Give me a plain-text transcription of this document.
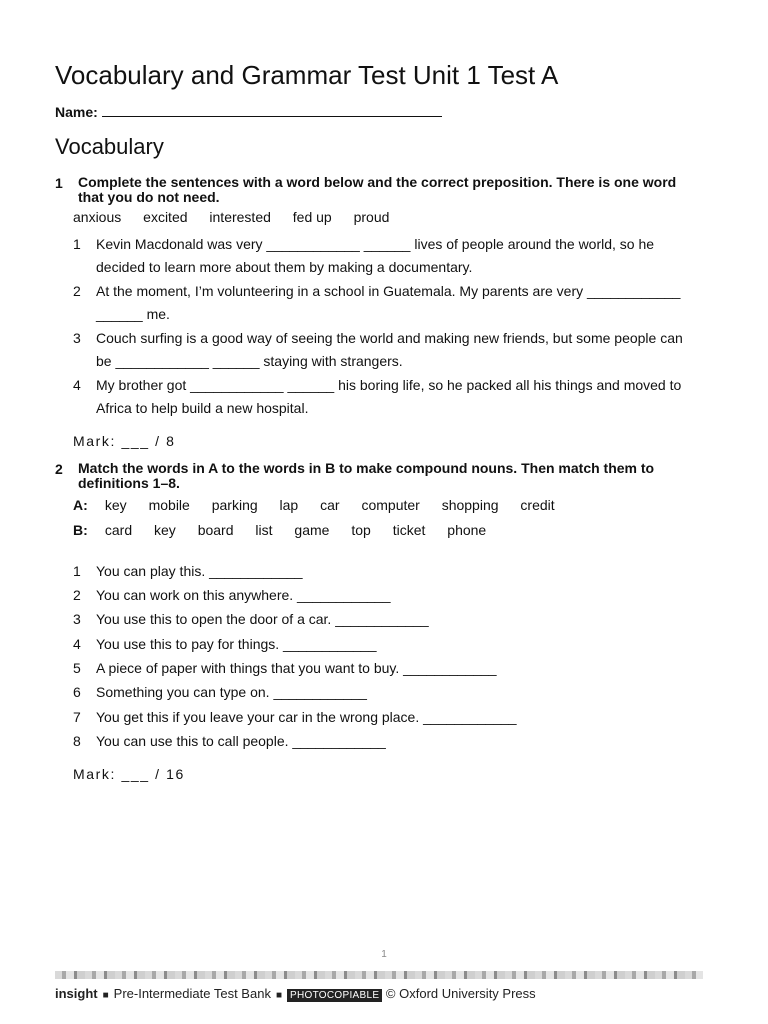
Vocabulary and Grammar Test Unit 1 Test A
Name:
Vocabulary
1 Complete the sentences with a word below and the correct preposition. There is one word
that you do not need.
anxious excited interested fed up proud
1 Kevin Macdonald was very ____________ ______ lives of people around the world, so he
decided to learn more about them by making a documentary.
2 At the moment, I’m volunteering in a school in Guatemala. My parents are very ____________
______ me.
3 Couch surfing is a good way of seeing the world and making new friends, but some people can
be ____________ ______ staying with strangers.
4 My brother got ____________ ______ his boring life, so he packed all his things and moved to
Africa to help build a new hospital.
Mark: ___ / 8
2 Match the words in A to the words in B to make compound nouns. Then match them to
definitions 1–8.
A: key mobile parking lap car computer shopping credit
B: card key board list game top ticket phone
1 You can play this. ____________
2 You can work on this anywhere. ____________
3 You use this to open the door of a car. ____________
4 You use this to pay for things. ____________
5 A piece of paper with things that you want to buy. ____________
6 Something you can type on. ____________
7 You get this if you leave your car in the wrong place. ____________
8 You can use this to call people. ____________
Mark: ___ / 16
1
insight ■ Pre-Intermediate Test Bank ■ PHOTOCOPIABLE © Oxford University Press
